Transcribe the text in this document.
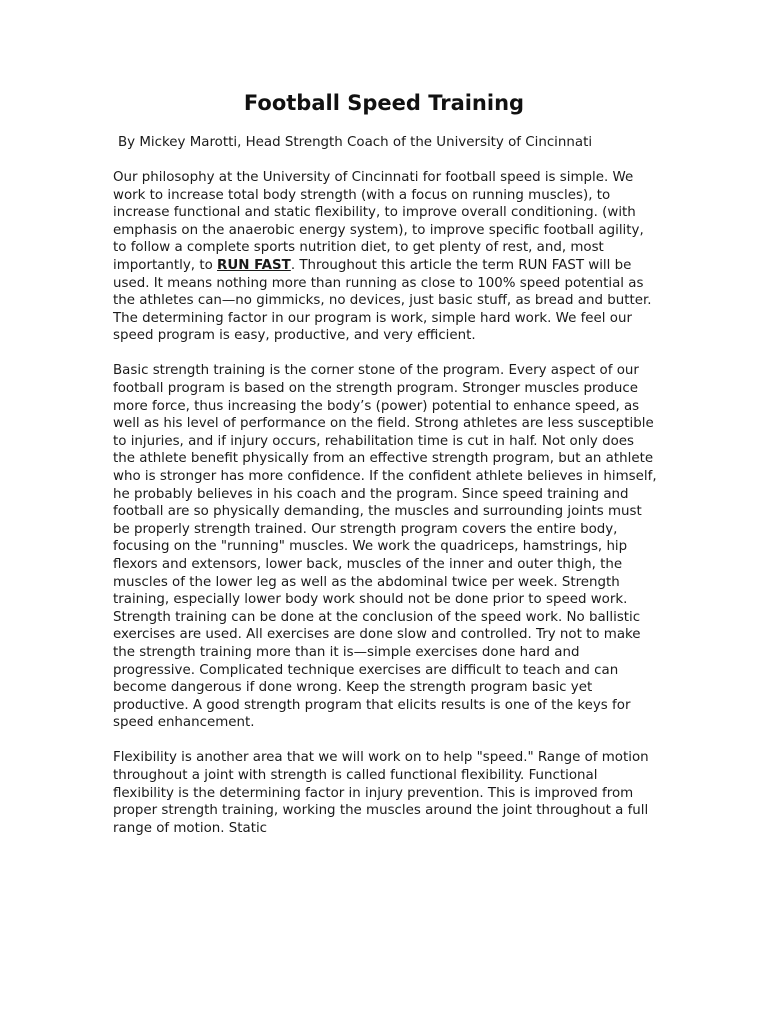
Football Speed Training

By Mickey Marotti, Head Strength Coach of the University of Cincinnati

Our philosophy at the University of Cincinnati for football speed is simple. We work to increase total body strength (with a focus on running muscles), to increase functional and static flexibility, to improve overall conditioning. (with emphasis on the anaerobic energy system), to improve specific football agility, to follow a complete sports nutrition diet, to get plenty of rest, and, most importantly, to RUN FAST. Throughout this article the term RUN FAST will be used. It means nothing more than running as close to 100% speed potential as the athletes can—no gimmicks, no devices, just basic stuff, as bread and butter. The determining factor in our program is work, simple hard work. We feel our speed program is easy, productive, and very efficient.

Basic strength training is the corner stone of the program. Every aspect of our football program is based on the strength program. Stronger muscles produce more force, thus increasing the body’s (power) potential to enhance speed, as well as his level of performance on the field. Strong athletes are less susceptible to injuries, and if injury occurs, rehabilitation time is cut in half. Not only does the athlete benefit physically from an effective strength program, but an athlete who is stronger has more confidence. If the confident athlete believes in himself, he probably believes in his coach and the program. Since speed training and football are so physically demanding, the muscles and surrounding joints must be properly strength trained. Our strength program covers the entire body, focusing on the "running" muscles. We work the quadriceps, hamstrings, hip flexors and extensors, lower back, muscles of the inner and outer thigh, the muscles of the lower leg as well as the abdominal twice per week. Strength training, especially lower body work should not be done prior to speed work. Strength training can be done at the conclusion of the speed work. No ballistic exercises are used. All exercises are done slow and controlled. Try not to make the strength training more than it is—simple exercises done hard and progressive. Complicated technique exercises are difficult to teach and can become dangerous if done wrong. Keep the strength program basic yet productive. A good strength program that elicits results is one of the keys for speed enhancement.

Flexibility is another area that we will work on to help "speed." Range of motion throughout a joint with strength is called functional flexibility. Functional flexibility is the determining factor in injury prevention. This is improved from proper strength training, working the muscles around the joint throughout a full range of motion. Static
